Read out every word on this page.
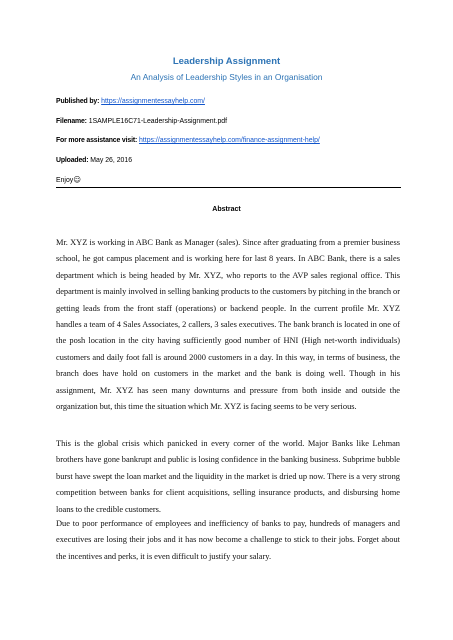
Leadership Assignment
An Analysis of Leadership Styles in an Organisation
Published by: https://assignmentessayhelp.com/
Filename: 1SAMPLE16C71-Leadership-Assignment.pdf
For more assistance visit: https://assignmentessayhelp.com/finance-assignment-help/
Uploaded: May 26, 2016
Enjoy☺
Abstract

Mr. XYZ is working in ABC Bank as Manager (sales). Since after graduating from a premier business school, he got campus placement and is working here for last 8 years. In ABC Bank, there is a sales department which is being headed by Mr. XYZ, who reports to the AVP sales regional office. This department is mainly involved in selling banking products to the customers by pitching in the branch or getting leads from the front staff (operations) or backend people. In the current profile Mr. XYZ handles a team of 4 Sales Associates, 2 callers, 3 sales executives. The bank branch is located in one of the posh location in the city having sufficiently good number of HNI (High net-worth individuals) customers and daily foot fall is around 2000 customers in a day. In this way, in terms of business, the branch does have hold on customers in the market and the bank is doing well. Though in his assignment, Mr. XYZ has seen many downturns and pressure from both inside and outside the organization but, this time the situation which Mr. XYZ is facing seems to be very serious.

This is the global crisis which panicked in every corner of the world. Major Banks like Lehman brothers have gone bankrupt and public is losing confidence in the banking business. Subprime bubble burst have swept the loan market and the liquidity in the market is dried up now. There is a very strong competition between banks for client acquisitions, selling insurance products, and disbursing home loans to the credible customers.

Due to poor performance of employees and inefficiency of banks to pay, hundreds of managers and executives are losing their jobs and it has now become a challenge to stick to their jobs. Forget about the incentives and perks, it is even difficult to justify your salary.
